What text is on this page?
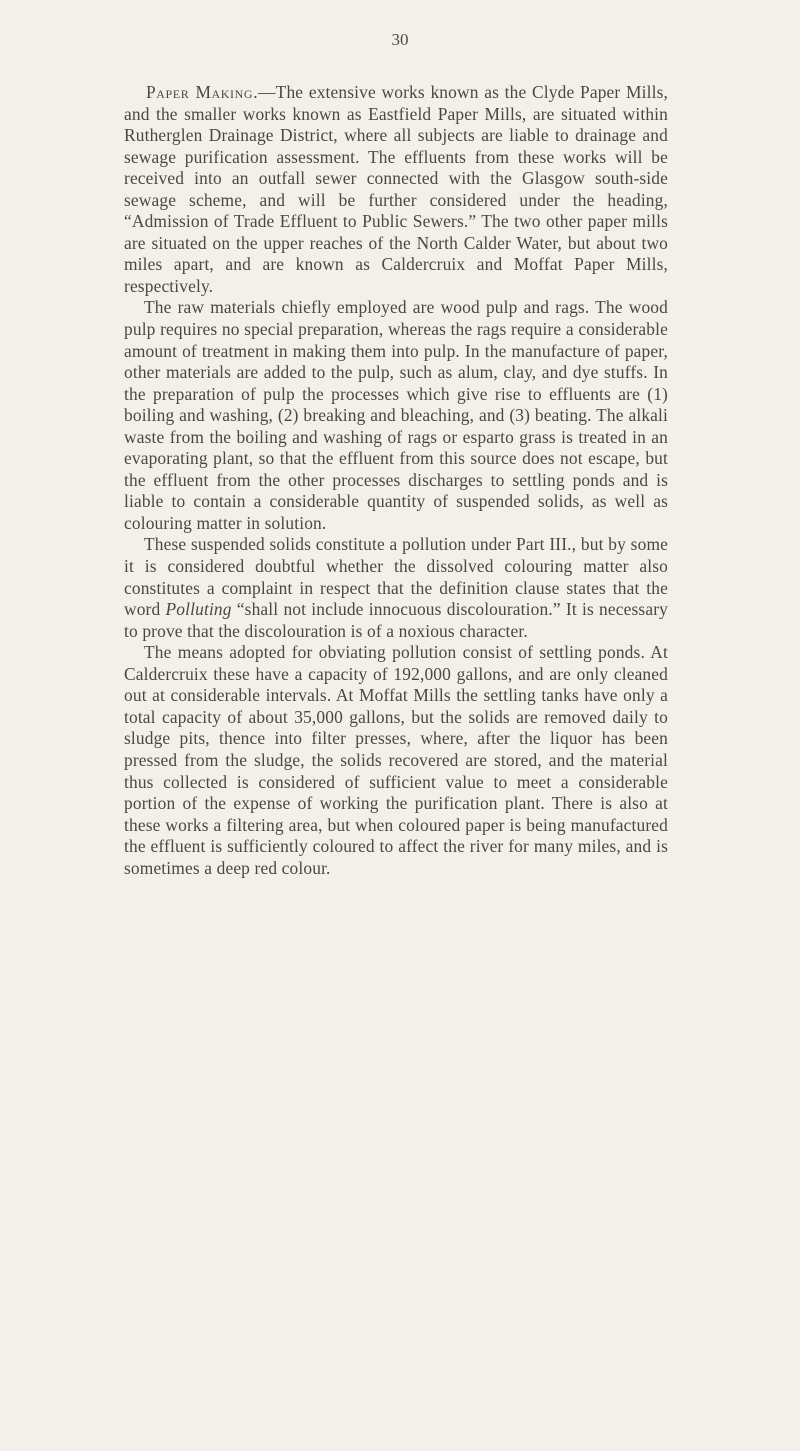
30

Paper Making.—The extensive works known as the Clyde Paper Mills, and the smaller works known as Eastfield Paper Mills, are situated within Rutherglen Drainage District, where all subjects are liable to drainage and sewage purification assessment. The effluents from these works will be received into an outfall sewer connected with the Glasgow south-side sewage scheme, and will be further considered under the heading, “Admission of Trade Effluent to Public Sewers.” The two other paper mills are situated on the upper reaches of the North Calder Water, but about two miles apart, and are known as Caldercruix and Moffat Paper Mills, respectively.

The raw materials chiefly employed are wood pulp and rags. The wood pulp requires no special preparation, whereas the rags require a considerable amount of treatment in making them into pulp. In the manufacture of paper, other materials are added to the pulp, such as alum, clay, and dye stuffs. In the preparation of pulp the processes which give rise to effluents are (1) boiling and washing, (2) breaking and bleaching, and (3) beating. The alkali waste from the boiling and washing of rags or esparto grass is treated in an evaporating plant, so that the effluent from this source does not escape, but the effluent from the other processes discharges to settling ponds and is liable to contain a considerable quantity of suspended solids, as well as colouring matter in solution.

These suspended solids constitute a pollution under Part III., but by some it is considered doubtful whether the dissolved colouring matter also constitutes a complaint in respect that the definition clause states that the word Polluting “shall not include innocuous discolouration.” It is necessary to prove that the discolouration is of a noxious character.

The means adopted for obviating pollution consist of settling ponds. At Caldercruix these have a capacity of 192,000 gallons, and are only cleaned out at considerable intervals. At Moffat Mills the settling tanks have only a total capacity of about 35,000 gallons, but the solids are removed daily to sludge pits, thence into filter presses, where, after the liquor has been pressed from the sludge, the solids recovered are stored, and the material thus collected is considered of sufficient value to meet a considerable portion of the expense of working the purification plant. There is also at these works a filtering area, but when coloured paper is being manufactured the effluent is sufficiently coloured to affect the river for many miles, and is sometimes a deep red colour.
